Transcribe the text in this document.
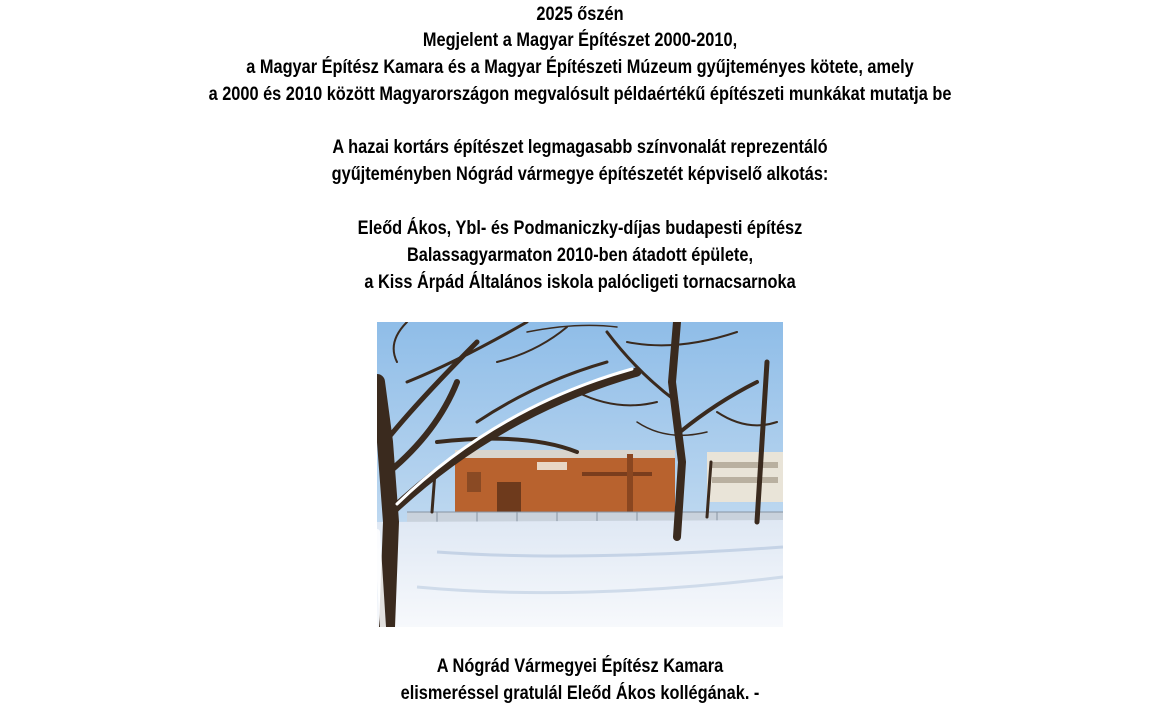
2025 őszén
Megjelent a Magyar Építészet 2000-2010,
a Magyar Építész Kamara és a Magyar Építészeti Múzeum gyűjteményes kötete, amely
a 2000 és 2010 között Magyarországon megvalósult példaértékű építészeti munkákat mutatja be
A hazai kortárs építészet legmagasabb színvonalát reprezentáló
gyűjteményben Nógrád vármegye építészetét képviselő alkotás:
Eleőd Ákos, Ybl- és Podmaniczky-díjas budapesti építész
Balassagyarmaton 2010-ben átadott épülete,
a Kiss Árpád Általános iskola palócligeti tornacsarnoka
A Nógrád Vármegyei Építész Kamara
elismeréssel gratulál Eleőd Ákos kollégának. -
